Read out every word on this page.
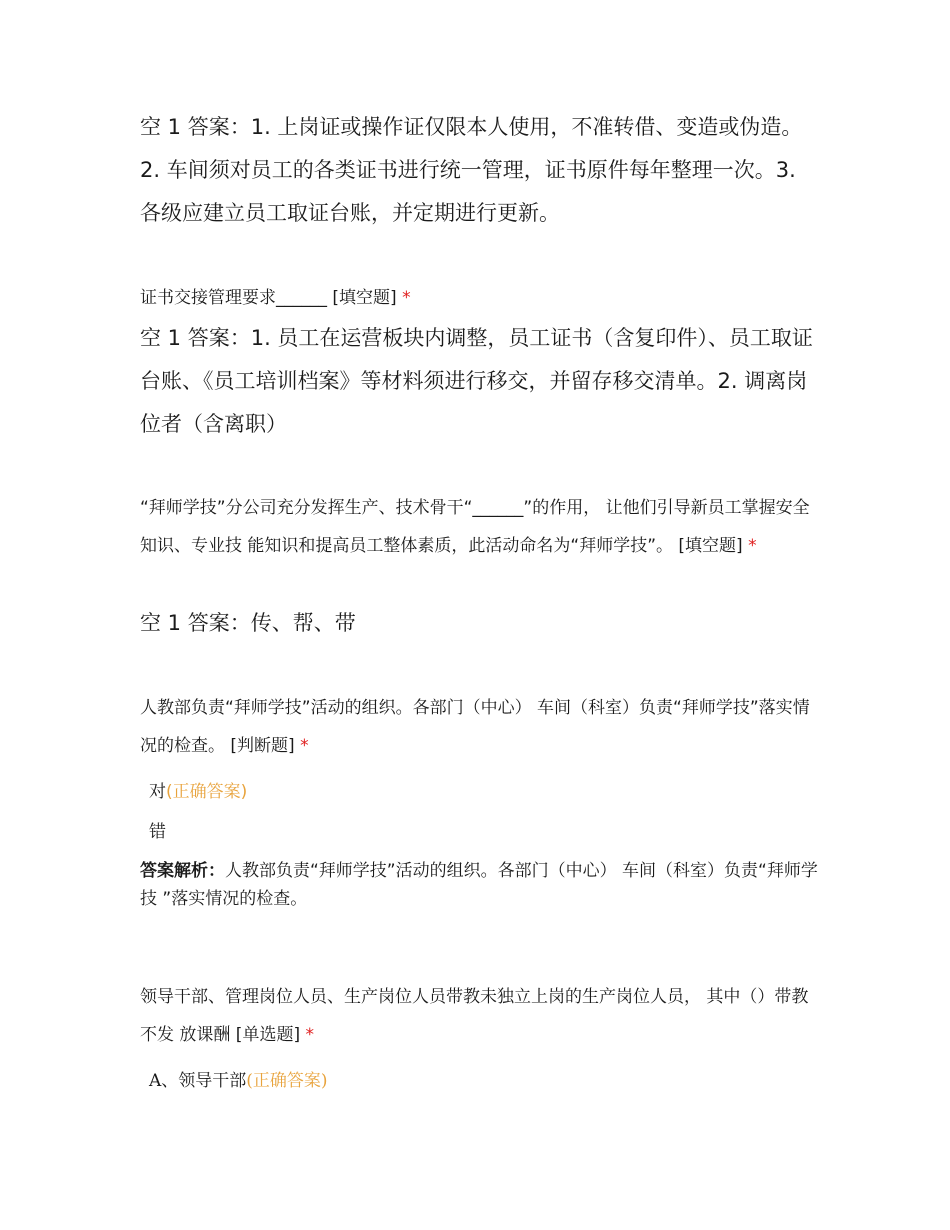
空 1 答案：1. 上岗证或操作证仅限本人使用，不准转借、变造或伪造。2. 车间须对员工的各类证书进行统一管理，证书原件每年整理一次。3. 各级应建立员工取证台账，并定期进行更新。
证书交接管理要求______ [填空题] *
空 1 答案：1. 员工在运营板块内调整，员工证书（含复印件）、员工取证台账、《员工培训档案》等材料须进行移交，并留存移交清单。2. 调离岗位者（含离职）
“拜师学技”分公司充分发挥生产、技术骨干“______”的作用， 让他们引导新员工掌握安全知识、专业技 能知识和提高员工整体素质，此活动命名为“拜师学技”。 [填空题] *
空 1 答案：传、帮、带
人教部负责“拜师学技”活动的组织。各部门（中心） 车间（科室）负责“拜师学技”落实情况的检查。 [判断题] *
对(正确答案)
错
答案解析：人教部负责“拜师学技”活动的组织。各部门（中心） 车间（科室）负责“拜师学技 ”落实情况的检查。
领导干部、管理岗位人员、生产岗位人员带教未独立上岗的生产岗位人员， 其中（）带教不发 放课酬 [单选题] *
A、领导干部(正确答案)
